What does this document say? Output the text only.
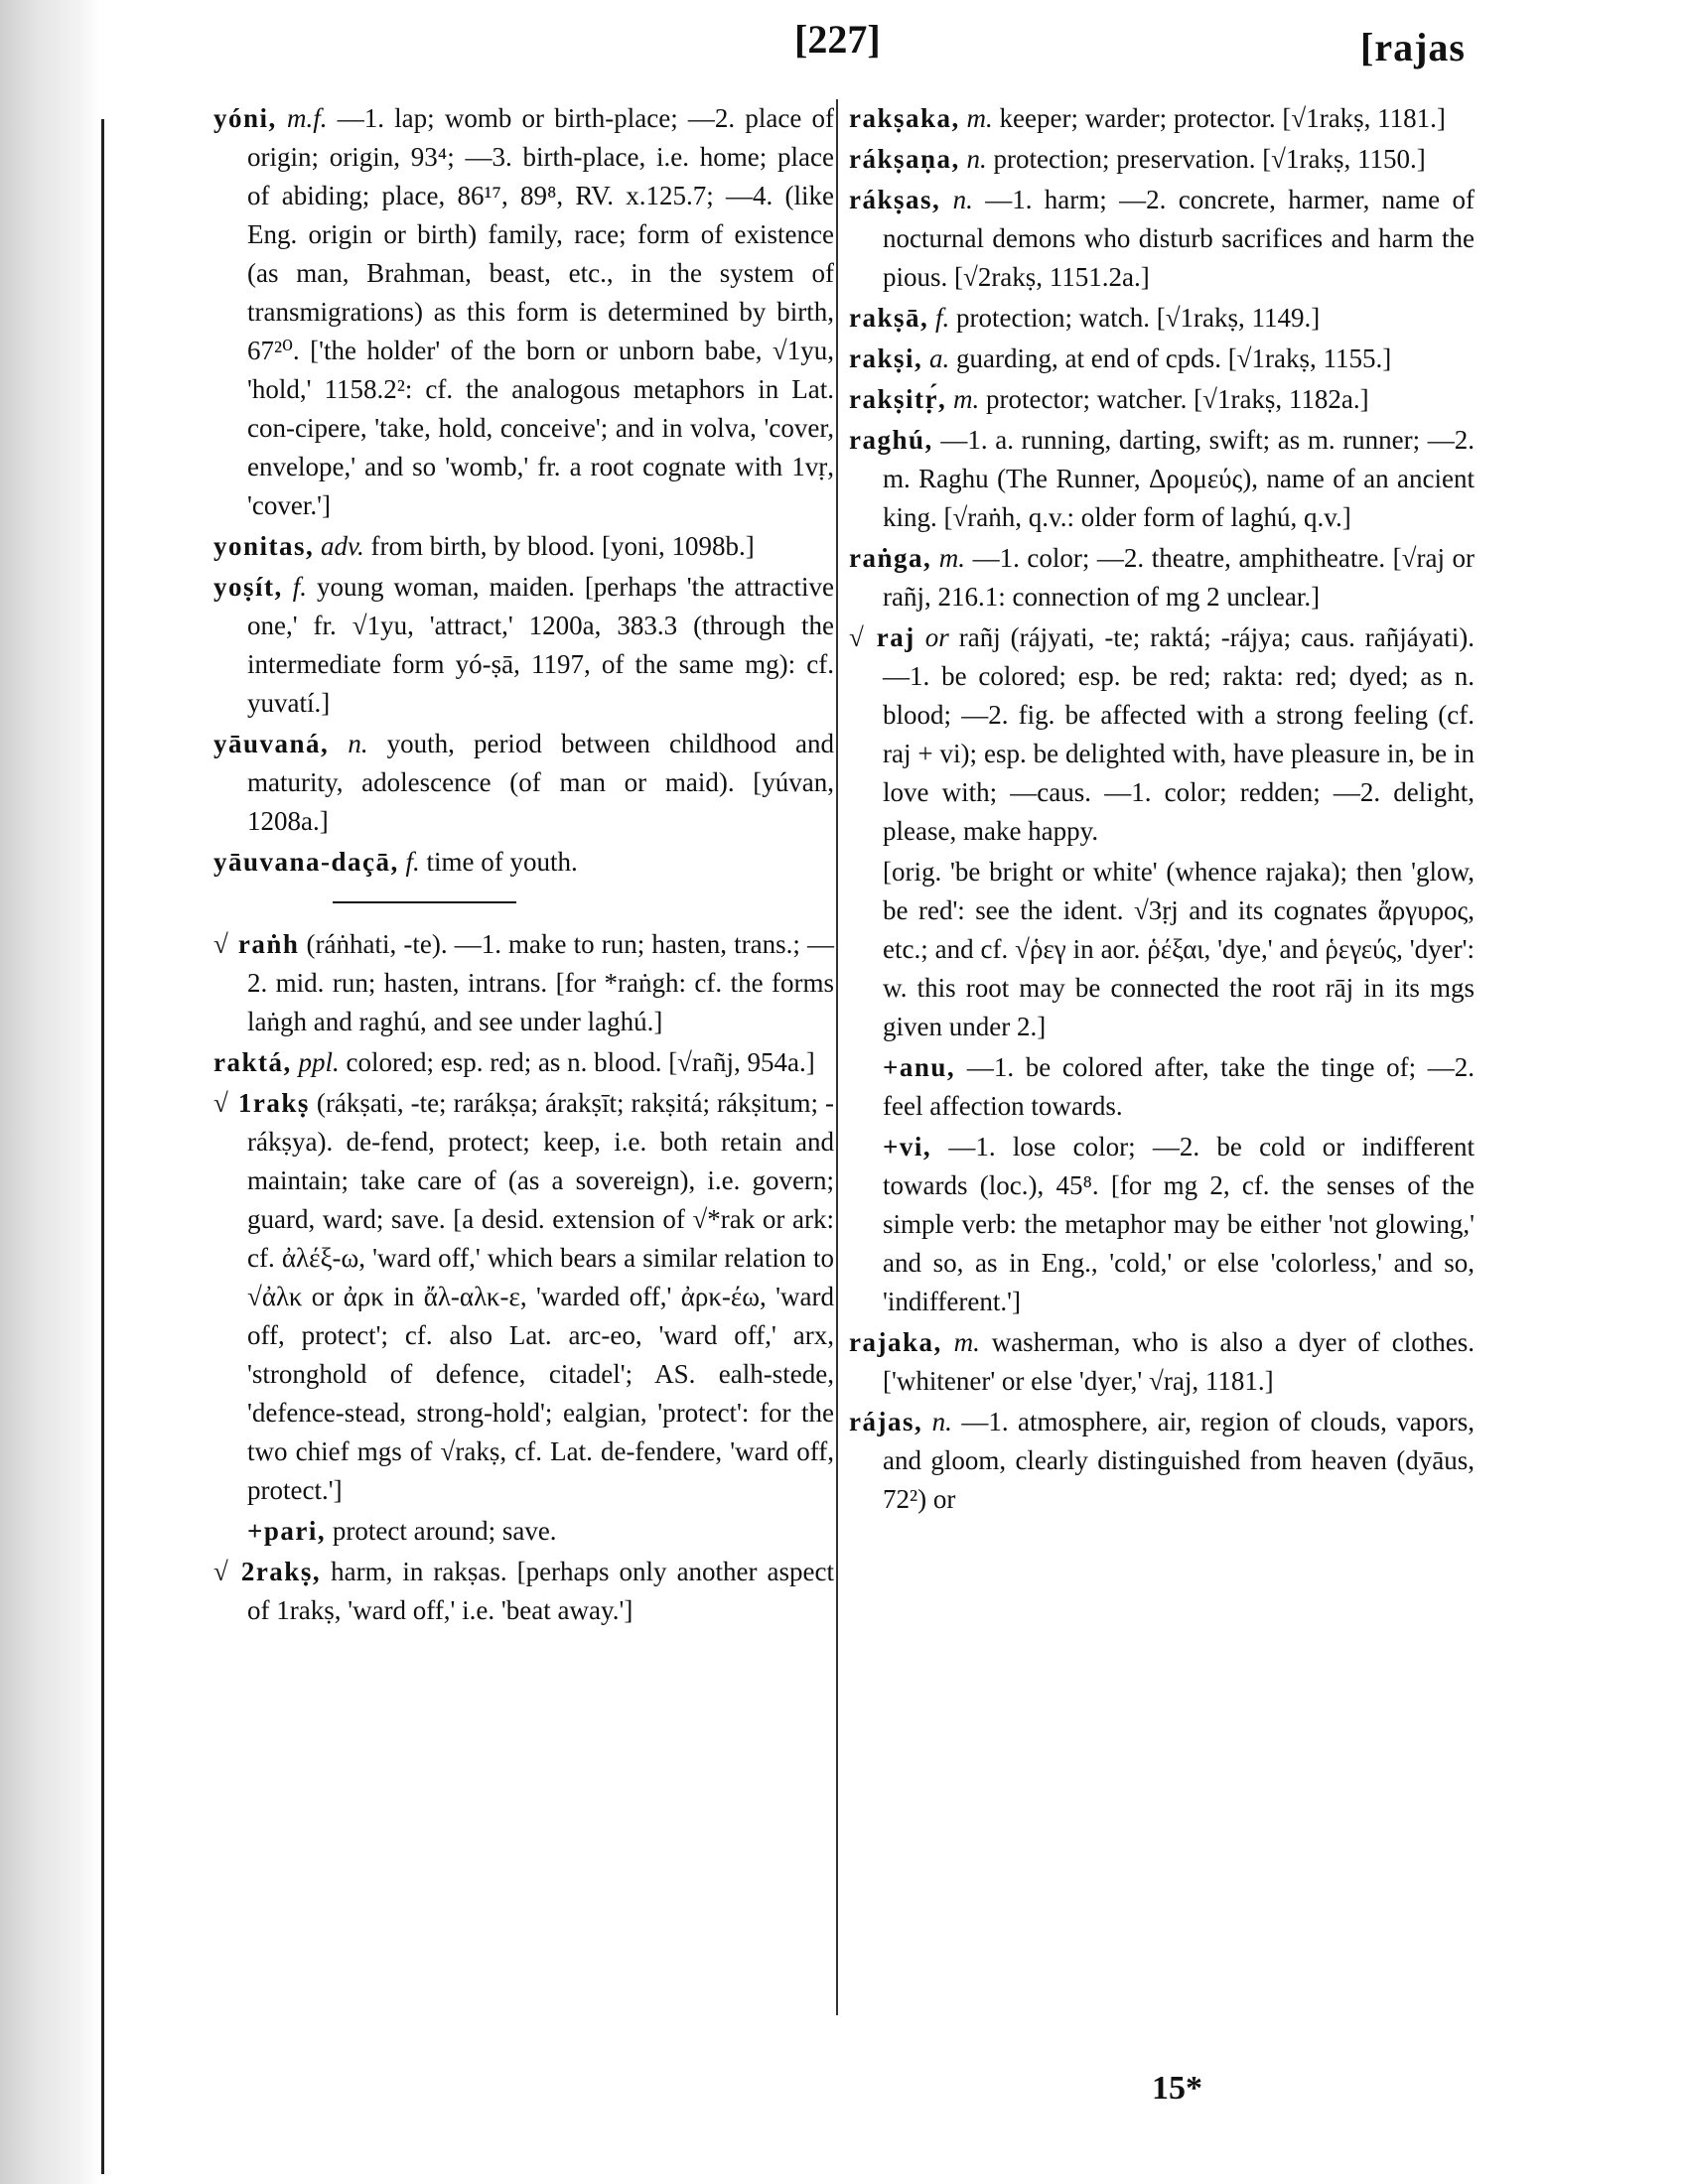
[227]	[rajas

yóni, m.f. —1. lap; womb or birth-place; —2. place of origin; origin, 93⁴; —3. birth-place, i.e. home; place of abiding; place, 86¹⁷, 89⁸, RV. x.125.7; —4. (like Eng. origin or birth) family, race; form of existence (as man, Brahman, beast, etc., in the system of transmigrations) as this form is determined by birth, 67²⁰. ['the holder' of the born or unborn babe, √1yu, 'hold,' 1158.2²: cf. the analogous metaphors in Lat. con-cipere, 'take, hold, conceive'; and in volva, 'cover, envelope,' and so 'womb,' fr. a root cognate with 1vṛ, 'cover.']

yonitas, adv. from birth, by blood. [yoni, 1098b.]

yoṣít, f. young woman, maiden. [perhaps 'the attractive one,' fr. √1yu, 'attract,' 1200a, 383.3 (through the intermediate form yó-ṣā, 1197, of the same mg): cf. yuvatí.]

yāuvaná, n. youth, period between childhood and maturity, adolescence (of man or maid). [yúvan, 1208a.]

yāuvana-daçā, f. time of youth.

√ raṅh (ráṅhati, -te). —1. make to run; hasten, trans.; —2. mid. run; hasten, intrans. [for *raṅgh: cf. the forms laṅgh and raghú, and see under laghú.]

raktá, ppl. colored; esp. red; as n. blood. [√rañj, 954a.]

√ 1rakṣ (rákṣati, -te; rarákṣa; árakṣīt; rakṣitá; rákṣitum; -rákṣya). de-fend, protect; keep, i.e. both retain and maintain; take care of (as a sovereign), i.e. govern; guard, ward; save. [a desid. extension of √*rak or ark: cf. ἀλέξ-ω, 'ward off,' which bears a similar relation to √ἀλκ or ἀρκ in ἄλ-αλκ-ε, 'warded off,' ἀρκ-έω, 'ward off, protect'; cf. also Lat. arc-eo, 'ward off,' arx, 'stronghold of defence, citadel'; AS. ealh-stede, 'defence-stead, strong-hold'; ealgian, 'protect': for the two chief mgs of √rakṣ, cf. Lat. de-fendere, 'ward off, protect.']

+pari, protect around; save.

√ 2rakṣ, harm, in rakṣas. [perhaps only another aspect of 1rakṣ, 'ward off,' i.e. 'beat away.']

rakṣaka, m. keeper; warder; protector. [√1rakṣ, 1181.]

rákṣaṇa, n. protection; preservation. [√1rakṣ, 1150.]

rákṣas, n. —1. harm; —2. concrete, harmer, name of nocturnal demons who disturb sacrifices and harm the pious. [√2rakṣ, 1151.2a.]

rakṣā, f. protection; watch. [√1rakṣ, 1149.]

rakṣi, a. guarding, at end of cpds. [√1rakṣ, 1155.]

rakṣitṛ́, m. protector; watcher. [√1rakṣ, 1182a.]

raghú, —1. a. running, darting, swift; as m. runner; —2. m. Raghu (The Runner, Δρομεύς), name of an ancient king. [√raṅh, q.v.: older form of laghú, q.v.]

raṅga, m. —1. color; —2. theatre, amphitheatre. [√raj or rañj, 216.1: connection of mg 2 unclear.]

√ raj or rañj (rájyati, -te; raktá; -rájya; caus. rañjáyati). —1. be colored; esp. be red; rakta: red; dyed; as n. blood; —2. fig. be affected with a strong feeling (cf. raj + vi); esp. be delighted with, have pleasure in, be in love with; —caus. —1. color; redden; —2. delight, please, make happy.

[orig. 'be bright or white' (whence rajaka); then 'glow, be red': see the ident. √3ṛj and its cognates ἄργυρος, etc.; and cf. √ῥεγ in aor. ῥέξαι, 'dye,' and ῥεγεύς, 'dyer': w. this root may be connected the root rāj in its mgs given under 2.]

+anu, —1. be colored after, take the tinge of; —2. feel affection towards.

+vi, —1. lose color; —2. be cold or indifferent towards (loc.), 45⁸. [for mg 2, cf. the senses of the simple verb: the metaphor may be either 'not glowing,' and so, as in Eng., 'cold,' or else 'colorless,' and so, 'indifferent.']

rajaka, m. washerman, who is also a dyer of clothes. ['whitener' or else 'dyer,' √raj, 1181.]

rájas, n. —1. atmosphere, air, region of clouds, vapors, and gloom, clearly distinguished from heaven (dyāus, 72²) or

15*
